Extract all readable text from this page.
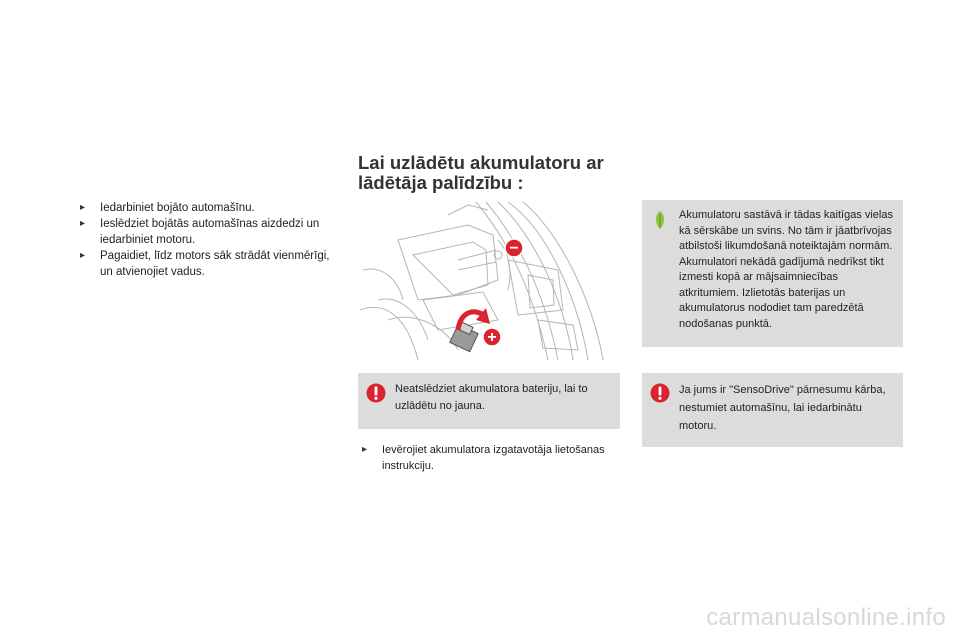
▸ Iedarbiniet bojāto automašīnu.

▸ Ieslēdziet bojātās automašīnas aizdedzi un iedarbiniet motoru.

▸ Pagaidiet, līdz motors sāk strādāt vienmērīgi, un atvienojiet vadus.

Lai uzlādētu akumulatoru ar
lādētāja palīdzību :
−
+
Neatslēdziet akumulatora bateriju, lai to uzlādētu no jauna.

▸ Ievērojiet akumulatora izgatavotāja lietošanas instrukciju.

Akumulatoru sastāvā ir tādas kaitīgas vielas kā sērskābe un svins. No tām ir jāatbrīvojas atbilstoši likumdošanā noteiktajām normām. Akumulatori nekādā gadījumā nedrīkst tikt izmesti kopā ar mājsaimniecības atkritumiem. Izlietotās baterijas un akumulatorus nododiet tam paredzētā nodošanas punktā.
Ja jums ir "SensoDrive" pārnesumu kārba, nestumiet automašīnu, lai iedarbinātu motoru.
carmanualsonline.info
